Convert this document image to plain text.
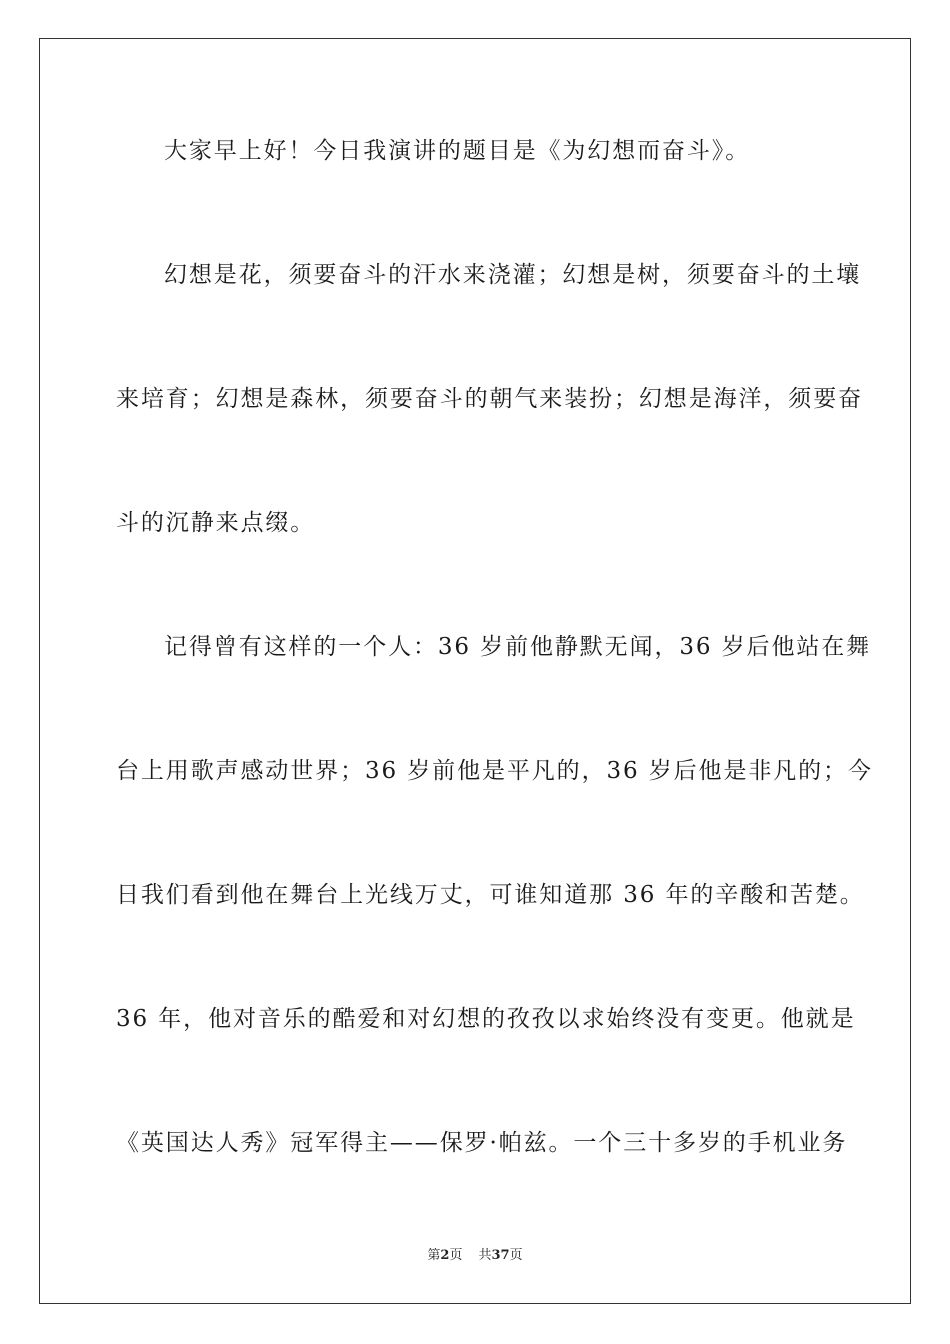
大家早上好！今日我演讲的题目是《为幻想而奋斗》。
幻想是花，须要奋斗的汗水来浇灌；幻想是树，须要奋斗的土壤
来培育；幻想是森林，须要奋斗的朝气来装扮；幻想是海洋，须要奋
斗的沉静来点缀。
记得曾有这样的一个人：36 岁前他静默无闻，36 岁后他站在舞
台上用歌声感动世界；36 岁前他是平凡的，36 岁后他是非凡的；今
日我们看到他在舞台上光线万丈，可谁知道那 36 年的辛酸和苦楚。
36 年，他对音乐的酷爱和对幻想的孜孜以求始终没有变更。他就是
《英国达人秀》冠军得主——保罗·帕兹。一个三十多岁的手机业务
第2页 共37页
